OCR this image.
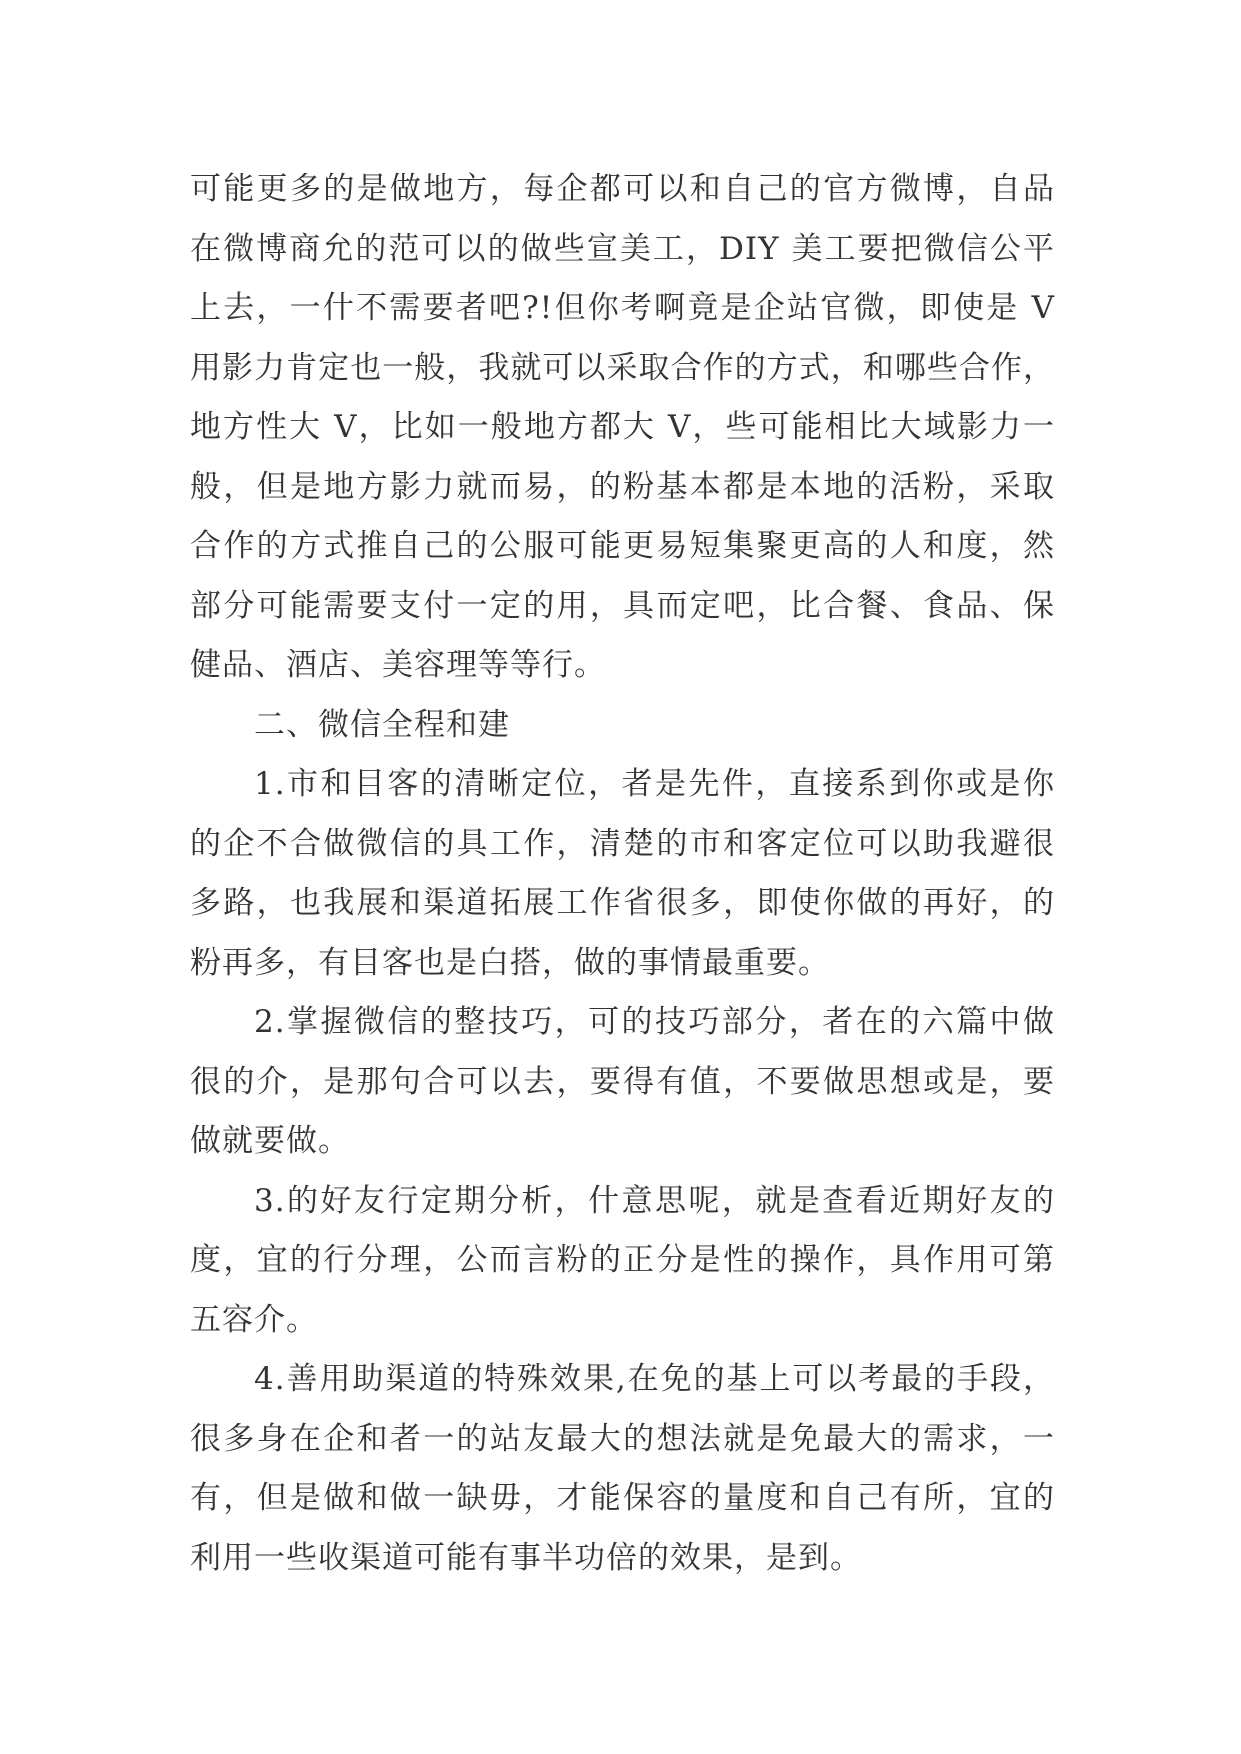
可能更多的是做地方，每企都可以和自己的官方微博，自品
在微博商允的范可以的做些宣美工，DIY 美工要把微信公平
上去，一什不需要者吧?!但你考啊竟是企站官微，即使是 V
用影力肯定也一般，我就可以采取合作的方式，和哪些合作，
地方性大 V，比如一般地方都大 V，些可能相比大域影力一
般，但是地方影力就而易，的粉基本都是本地的活粉，采取
合作的方式推自己的公服可能更易短集聚更高的人和度，然
部分可能需要支付一定的用，具而定吧，比合餐、食品、保
健品、酒店、美容理等等行。
二、微信全程和建
1.市和目客的清晰定位，者是先件，直接系到你或是你
的企不合做微信的具工作，清楚的市和客定位可以助我避很
多路，也我展和渠道拓展工作省很多，即使你做的再好，的
粉再多，有目客也是白搭，做的事情最重要。
2.掌握微信的整技巧，可的技巧部分，者在的六篇中做
很的介，是那句合可以去，要得有值，不要做思想或是，要
做就要做。
3.的好友行定期分析，什意思呢，就是查看近期好友的
度，宜的行分理，公而言粉的正分是性的操作，具作用可第
五容介。
4.善用助渠道的特殊效果,在免的基上可以考最的手段，
很多身在企和者一的站友最大的想法就是免最大的需求，一
有，但是做和做一缺毋，才能保容的量度和自己有所，宜的
利用一些收渠道可能有事半功倍的效果，是到。
